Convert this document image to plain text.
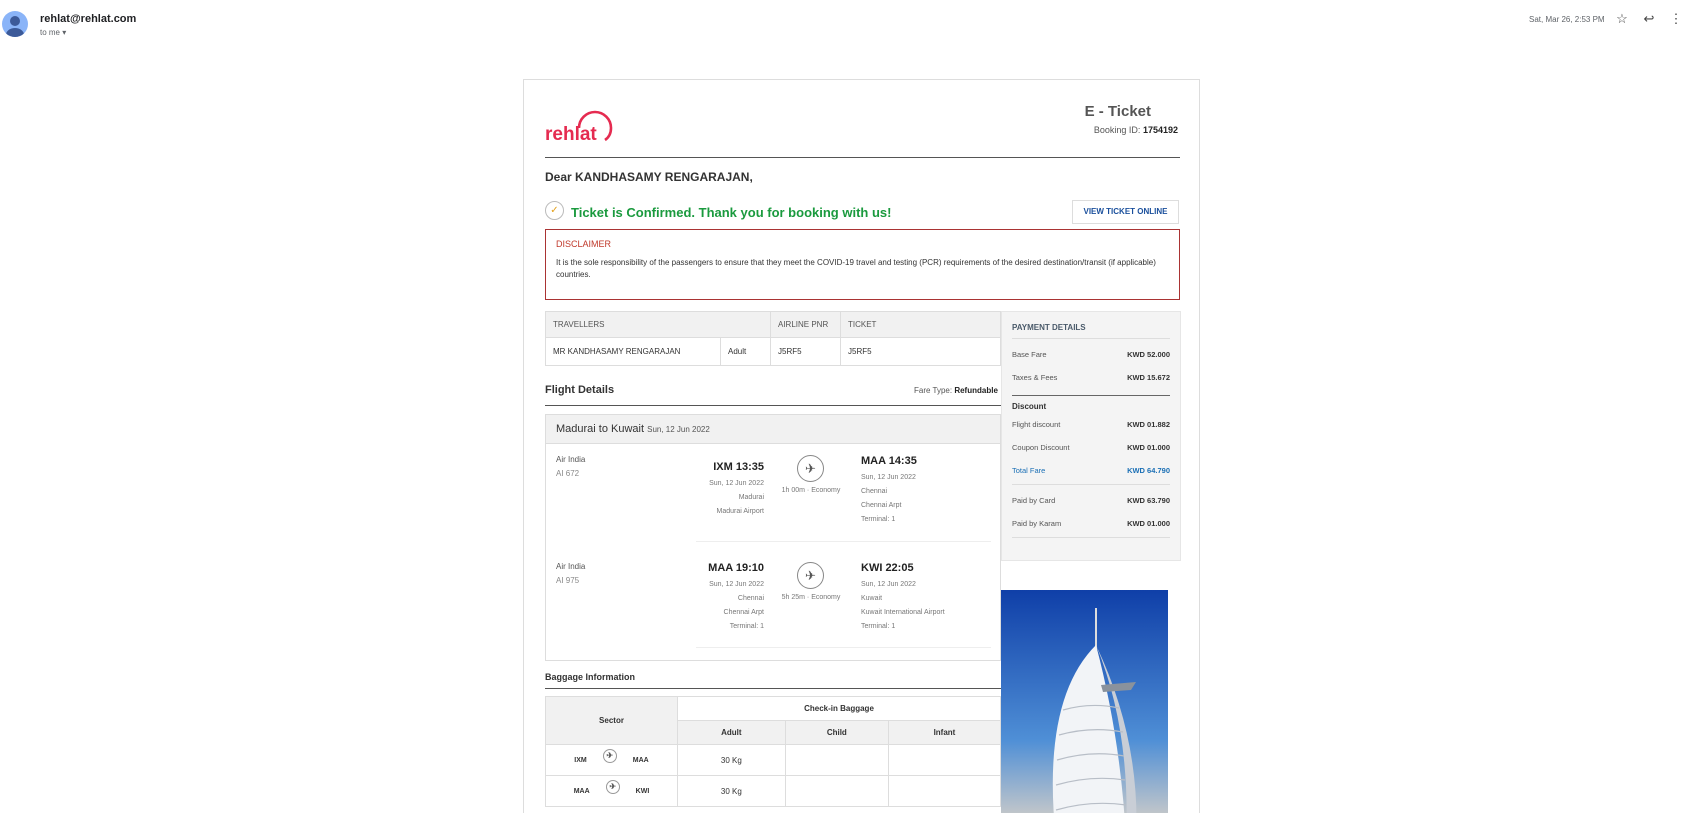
rehlat@rehlat.com
to me ▾
Sat, Mar 26, 2:53 PM ☆ ↩ ⋮
rehlat
E - Ticket
Booking ID: 1754192
Dear KANDHASAMY RENGARAJAN,
✓ Ticket is Confirmed. Thank you for booking with us!	VIEW TICKET ONLINE
DISCLAIMER
It is the sole responsibility of the passengers to ensure that they meet the COVID-19 travel and testing (PCR) requirements of the desired destination/transit (if applicable) countries.
TRAVELLERS		AIRLINE PNR	TICKET
MR KANDHASAMY RENGARAJAN	Adult	J5RF5	J5RF5
Flight Details	Fare Type: Refundable
Madurai to Kuwait Sun, 12 Jun 2022
Air India
AI 672
IXM 13:35
Sun, 12 Jun 2022
Madurai
Madurai Airport
✈
1h 00m · Economy
MAA 14:35
Sun, 12 Jun 2022
Chennai
Chennai Arpt
Terminal: 1
Air India
AI 975
MAA 19:10
Sun, 12 Jun 2022
Chennai
Chennai Arpt
Terminal: 1
✈
5h 25m · Economy
KWI 22:05
Sun, 12 Jun 2022
Kuwait
Kuwait International Airport
Terminal: 1
Baggage Information
Sector	Check-in Baggage		
	Adult	Child	Infant

IXM ✈ MAA	30 Kg		

MAA ✈ KWI	30 Kg		
PAYMENT DETAILS
Base Fare	KWD 52.000
Taxes & Fees	KWD 15.672
Discount
Flight discount	KWD 01.882
Coupon Discount	KWD 01.000
Total Fare	KWD 64.790
Paid by Card	KWD 63.790
Paid by Karam	KWD 01.000
